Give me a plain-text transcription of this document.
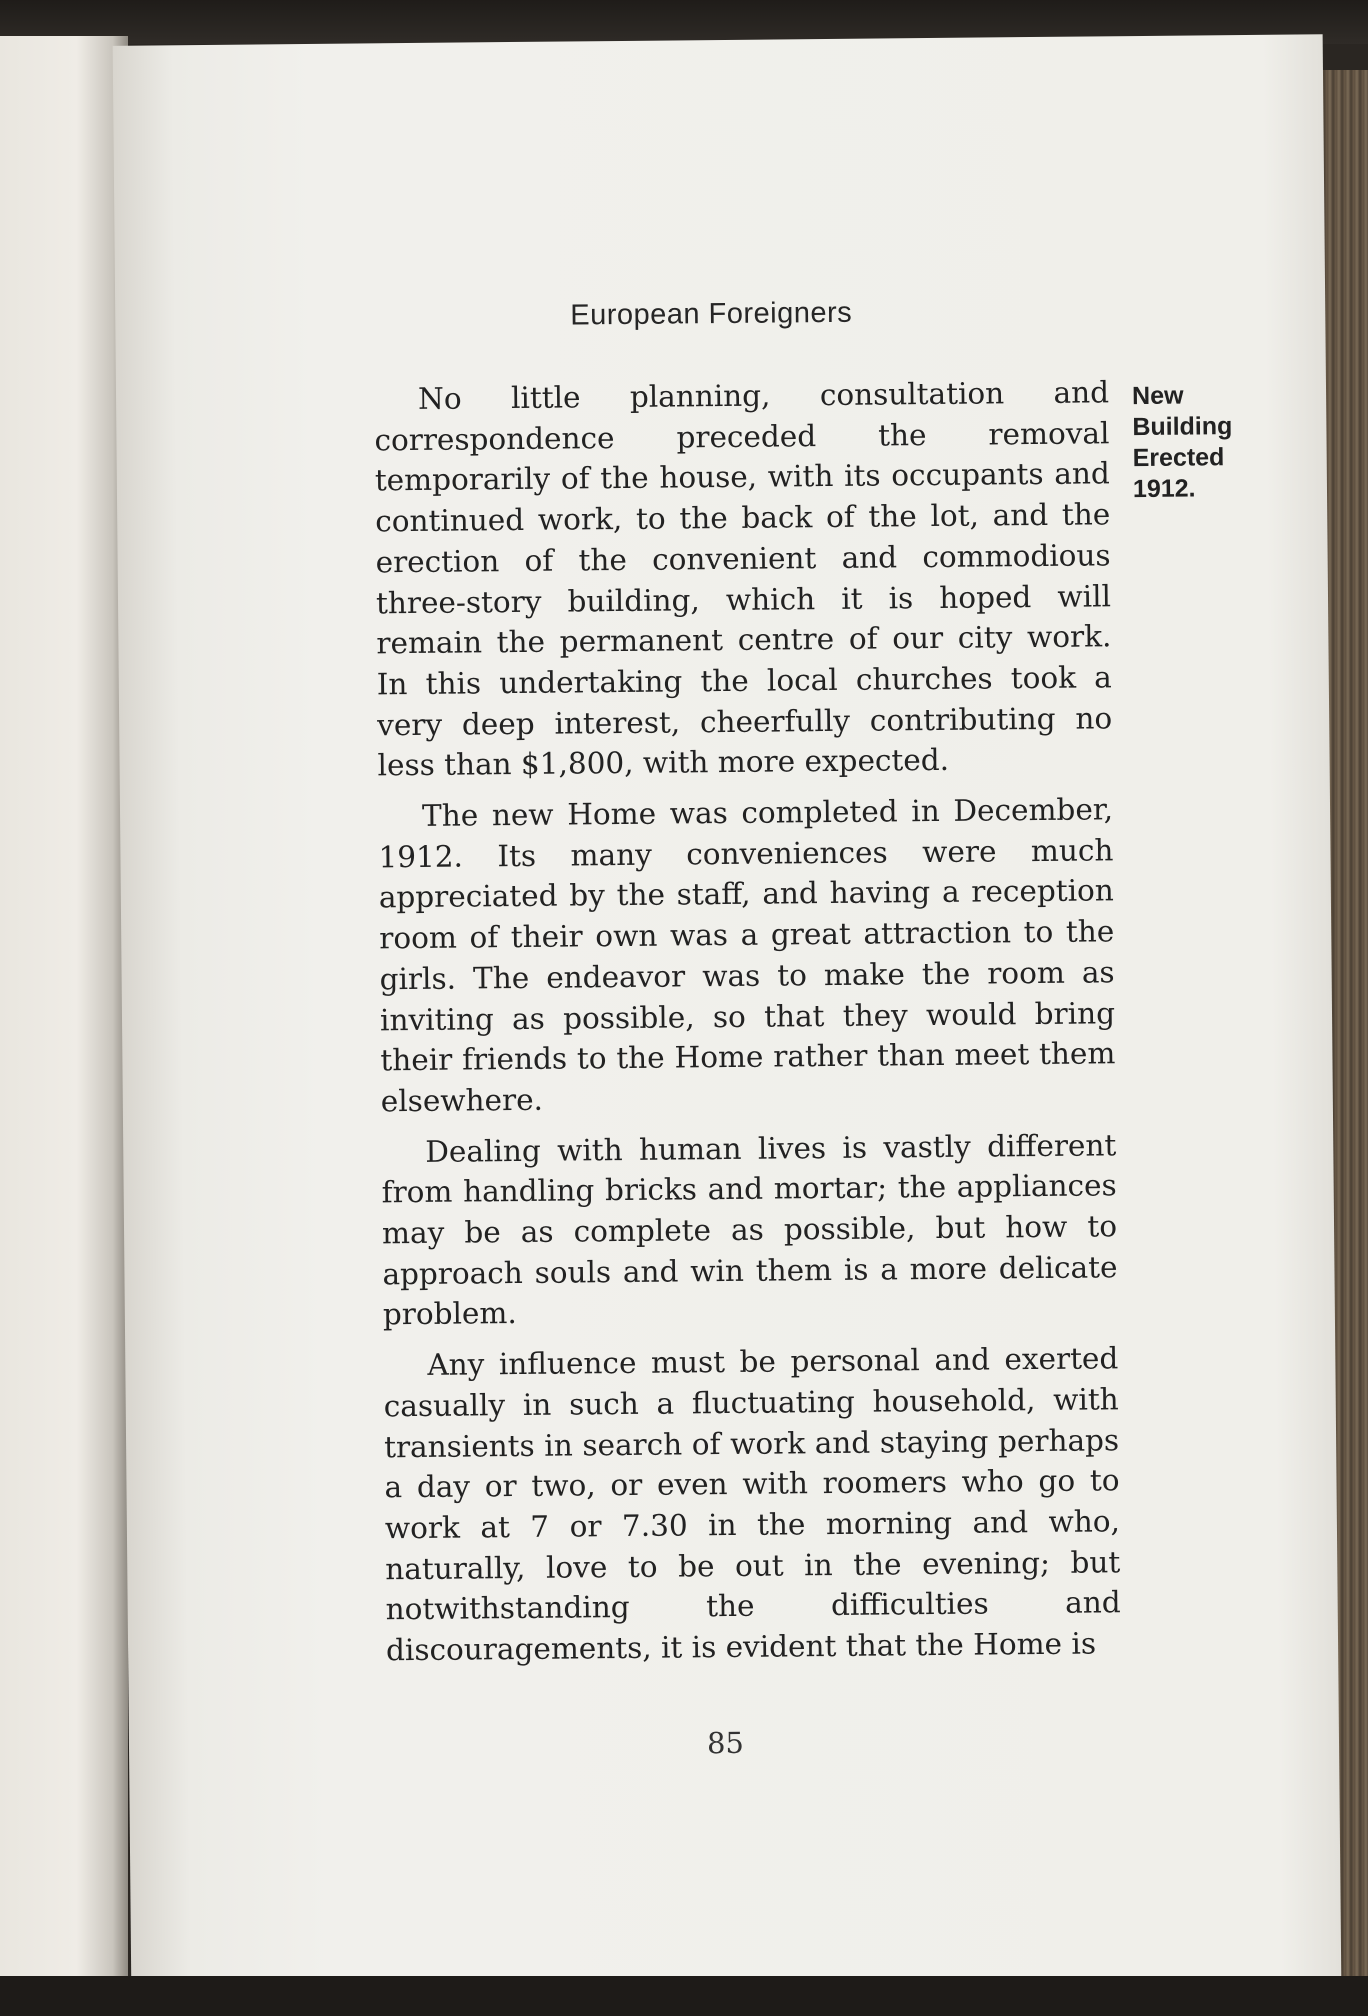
European Foreigners

No little planning, consultation and correspondence preceded the removal temporarily of the house, with its occupants and continued work, to the back of the lot, and the erection of the convenient and commodious three-story building, which it is hoped will remain the permanent centre of our city work. In this undertaking the local churches took a very deep interest, cheerfully contributing no less than $1,800, with more expected.

The new Home was completed in December, 1912. Its many conveniences were much appreciated by the staff, and having a reception room of their own was a great attraction to the girls. The endeavor was to make the room as inviting as possible, so that they would bring their friends to the Home rather than meet them elsewhere.

Dealing with human lives is vastly different from handling bricks and mortar; the appliances may be as complete as possible, but how to approach souls and win them is a more delicate problem.

Any influence must be personal and exerted casually in such a fluctuating household, with transients in search of work and staying perhaps a day or two, or even with roomers who go to work at 7 or 7.30 in the morning and who, naturally, love to be out in the evening; but notwithstanding the difficulties and discouragements, it is evident that the Home is

New
Building
Erected
1912.
85
